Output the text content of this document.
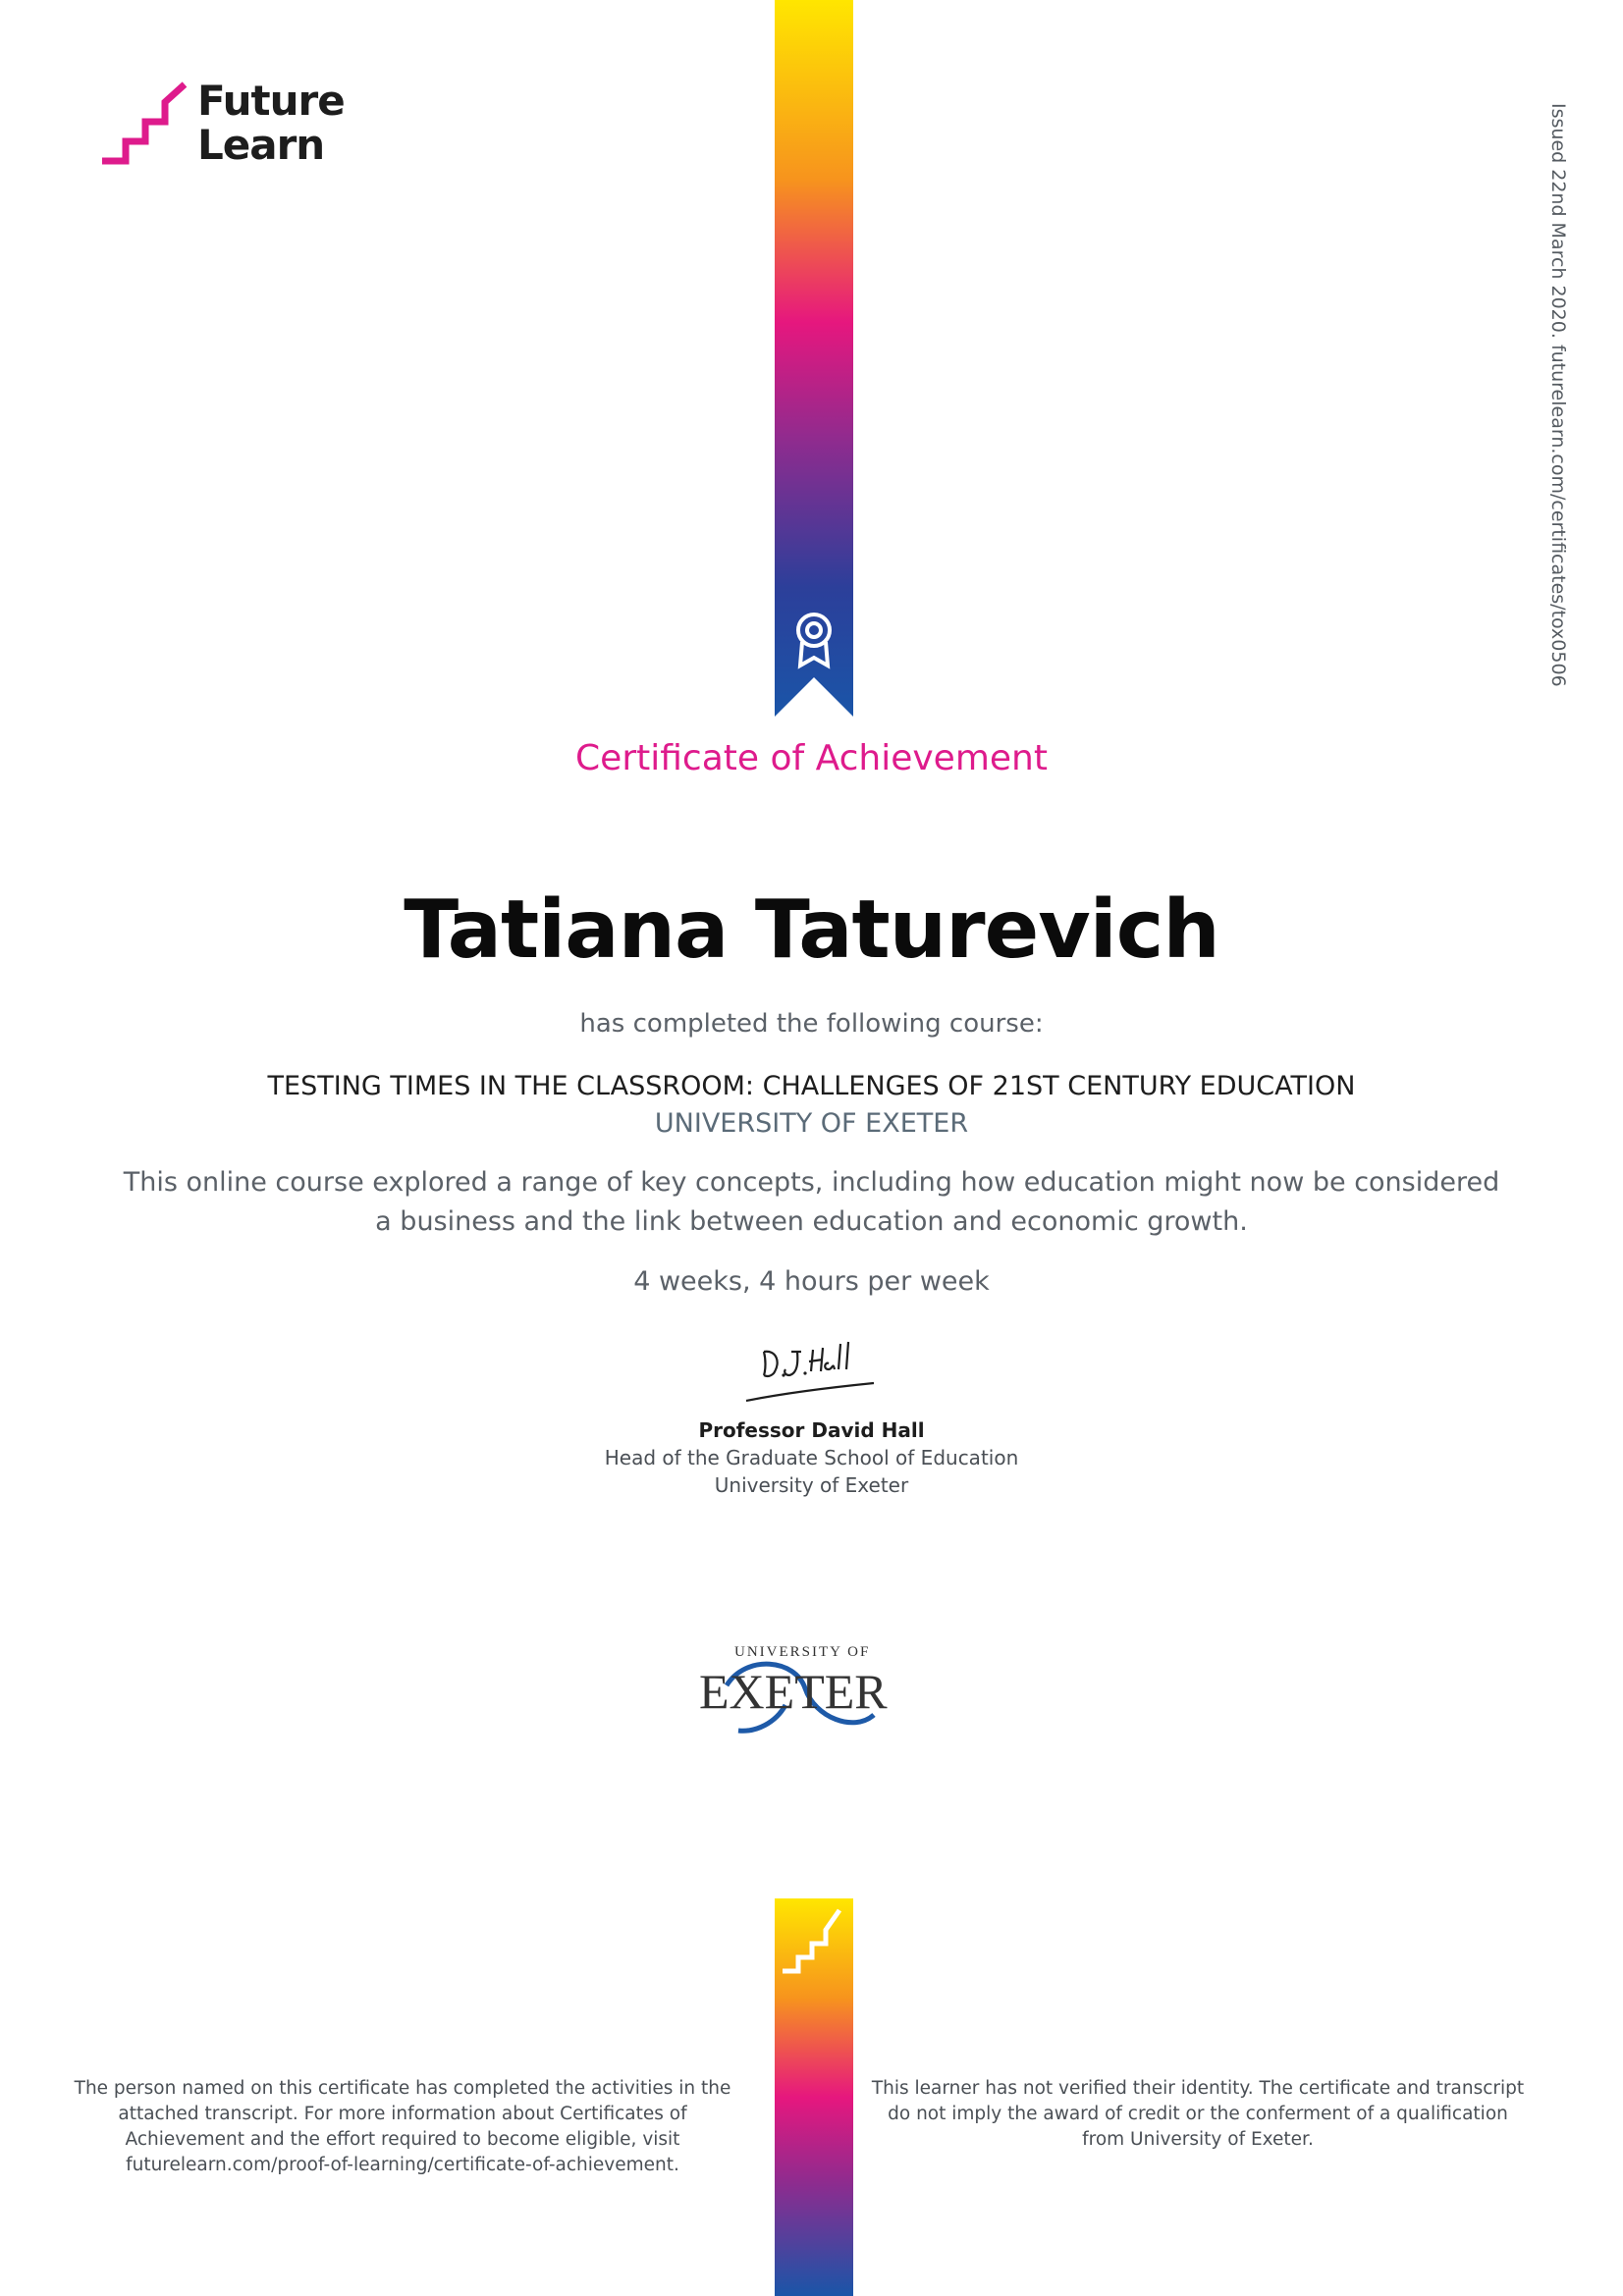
Future
Learn	Issued 22nd March 2020. futurelearn.com/certificates/tox0506
Certificate of Achievement
Tatiana Taturevich
has completed the following course:
TESTING TIMES IN THE CLASSROOM: CHALLENGES OF 21ST CENTURY EDUCATION
UNIVERSITY OF EXETER
This online course explored a range of key concepts, including how education might now be considered
a business and the link between education and economic growth.
4 weeks, 4 hours per week
Professor David Hall
Head of the Graduate School of Education
University of Exeter
UNIVERSITY OF
EXETER
The person named on this certificate has completed the activities in the
attached transcript. For more information about Certificates of
Achievement and the effort required to become eligible, visit
futurelearn.com/proof-of-learning/certificate-of-achievement.
This learner has not verified their identity. The certificate and transcript
do not imply the award of credit or the conferment of a qualification
from University of Exeter.
